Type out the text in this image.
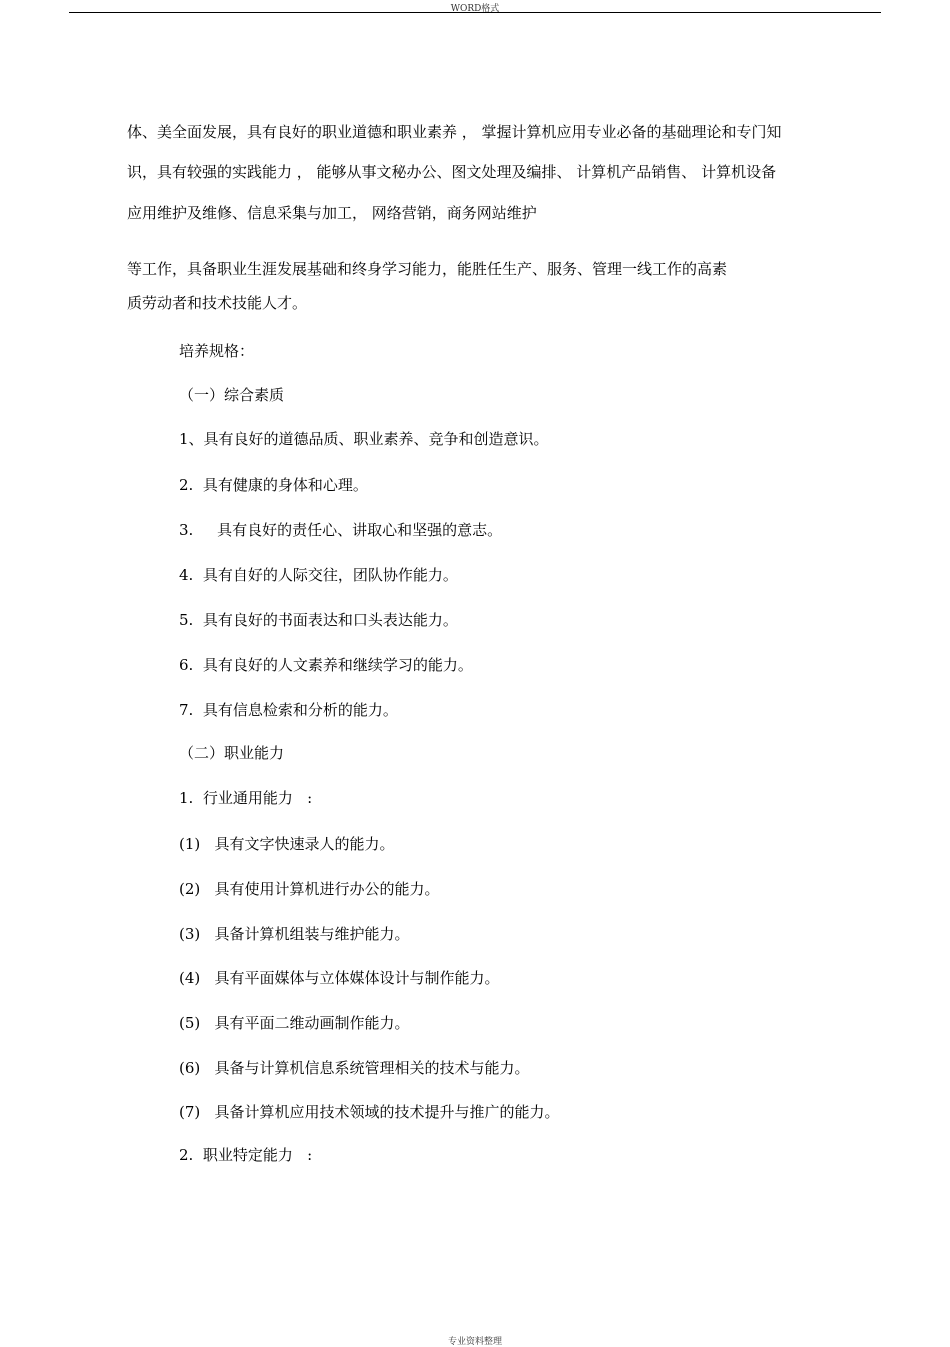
WORD格式
体、美全面发展，具有良好的职业道德和职业素养 ， 掌握计算机应用专业必备的基础理论和专门知
识，具有较强的实践能力 ， 能够从事文秘办公、图文处理及编排、 计算机产品销售、 计算机设备
应用维护及维修、信息采集与加工， 网络营销，商务网站维护
等工作，具备职业生涯发展基础和终身学习能力，能胜任生产、服务、管理一线工作的高素
质劳动者和技术技能人才。
培养规格：
（一）综合素质
1、具有良好的道德品质、职业素养、竞争和创造意识。
2.  具有健康的身体和心理。
3.     具有良好的责任心、讲取心和坚强的意志。
4.  具有自好的人际交往，团队协作能力。
5.  具有良好的书面表达和口头表达能力。
6.  具有良好的人文素养和继续学习的能力。
7.  具有信息检索和分析的能力。
（二）职业能力
1.  行业通用能力   :
(1)   具有文字快速录人的能力。
(2)   具有使用计算机进行办公的能力。
(3)   具备计算机组装与维护能力。
(4)   具有平面媒体与立体媒体设计与制作能力。
(5)   具有平面二维动画制作能力。
(6)   具备与计算机信息系统管理相关的技术与能力。
(7)   具备计算机应用技术领域的技术提升与推广的能力。
2.  职业特定能力   :
专业资料整理
